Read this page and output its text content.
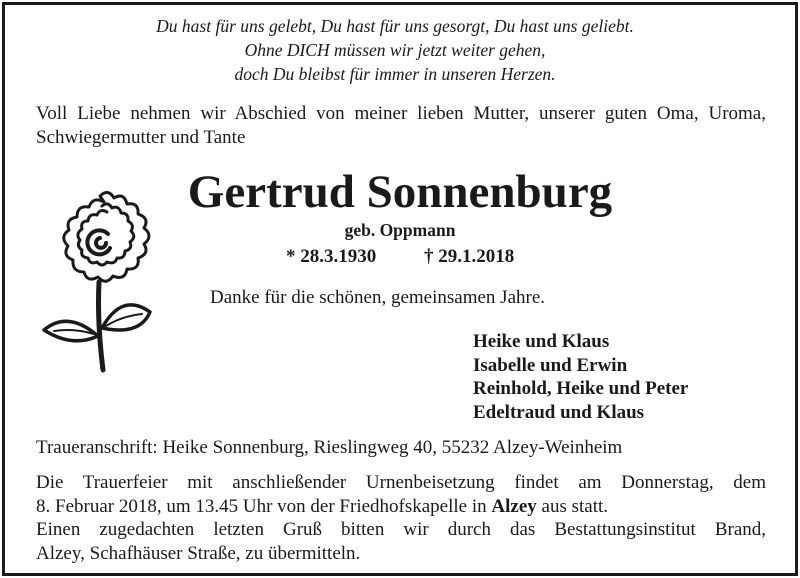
Du hast für uns gelebt, Du hast für uns gesorgt, Du hast uns geliebt.
Ohne DICH müssen wir jetzt weiter gehen,
doch Du bleibst für immer in unseren Herzen.
Voll Liebe nehmen wir Abschied von meiner lieben Mutter, unserer guten Oma, Uroma, Schwiegermutter und Tante
Gertrud Sonnenburg
geb. Oppmann
* 28.3.1930	† 29.1.2018
Danke für die schönen, gemeinsamen Jahre.
Heike und Klaus
Isabelle und Erwin
Reinhold, Heike und Peter
Edeltraud und Klaus
Traueranschrift: Heike Sonnenburg, Rieslingweg 40, 55232 Alzey-Weinheim
Die Trauerfeier mit anschließender Urnenbeisetzung findet am Donnerstag, dem
8. Februar 2018, um 13.45 Uhr von der Friedhofskapelle in Alzey aus statt.
Einen zugedachten letzten Gruß bitten wir durch das Bestattungsinstitut Brand,
Alzey, Schafhäuser Straße, zu übermitteln.
